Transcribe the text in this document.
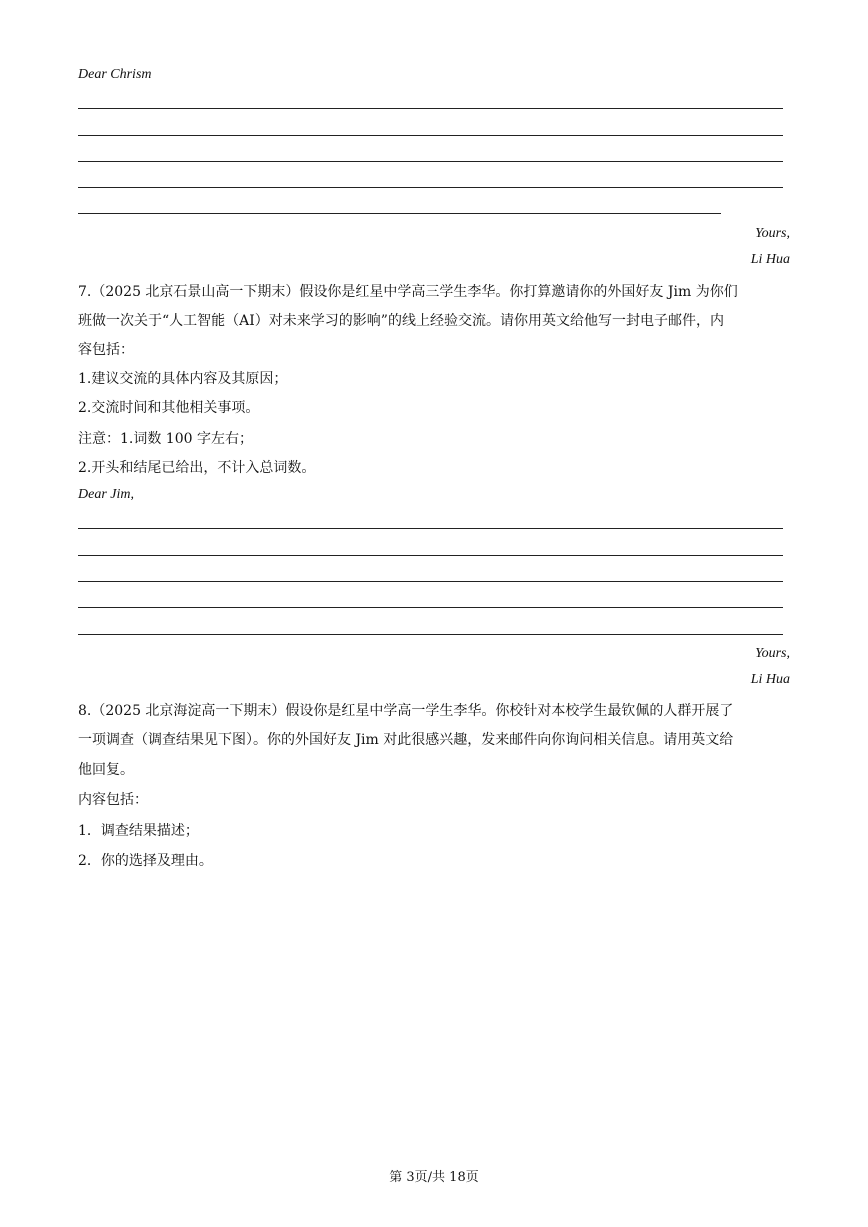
Dear Chrism
Yours,
Li Hua
7.（2025 北京石景山高一下期末）假设你是红星中学高三学生李华。你打算邀请你的外国好友 Jim 为你们
班做一次关于“人工智能（AI）对未来学习的影响”的线上经验交流。请你用英文给他写一封电子邮件，内
容包括：
1.建议交流的具体内容及其原因；
2.交流时间和其他相关事项。
注意：1.词数 100 字左右；
2.开头和结尾已给出，不计入总词数。
Dear Jim,
Yours,
Li Hua
8.（2025 北京海淀高一下期末）假设你是红星中学高一学生李华。你校针对本校学生最钦佩的人群开展了
一项调查（调查结果见下图）。你的外国好友 Jim 对此很感兴趣，发来邮件向你询问相关信息。请用英文给
他回复。
内容包括：
1．调查结果描述；
2．你的选择及理由。
第 3页/共 18页
